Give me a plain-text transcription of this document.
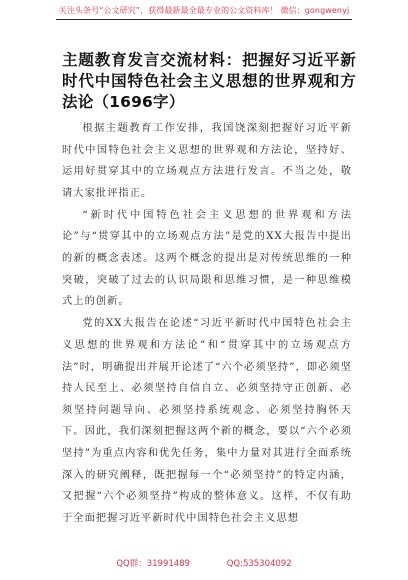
关注头条号“公文研究”，获得最新最全最专业的公文资料库！ 微信：gongwenyj
主题教育发言交流材料：把握好习近平新时代中国特色社会主义思想的世界观和方法论（1696字）

根据主题教育工作安排，我国饶深刻把握好习近平新时代中国特色社会主义思想的世界观和方法论，坚持好、运用好贯穿其中的立场观点方法进行发言。不当之处，敬请大家批评指正。

“新时代中国特色社会主义思想的世界观和方法论”与“贯穿其中的立场观点方法”是党的XX大报告中提出的新的概念表述。这两个概念的提出是对传统思维的一种突破，突破了过去的认识局限和思维习惯，是一种思维模式上的创新。

党的XX大报告在论述“习近平新时代中国特色社会主义思想的世界观和方法论”和“贯穿其中的立场观点方法”时，明确提出并展开论述了“六个必须坚持”，即必须坚持人民至上、必须坚持自信自立、必须坚持守正创新、必须坚持问题导向、必须坚持系统观念、必须坚持胸怀天下。因此，我们深刻把握这两个新的概念，要以“六个必须坚持”为重点内容和优先任务，集中力量对其进行全面系统深入的研究阐释，既把握每一个“必须坚持”的特定内涵，又把握“六个必须坚持”构成的整体意义。这样，不仅有助于全面把握习近平新时代中国特色社会主义思想

QQ群：31991489	QQ:535304092
